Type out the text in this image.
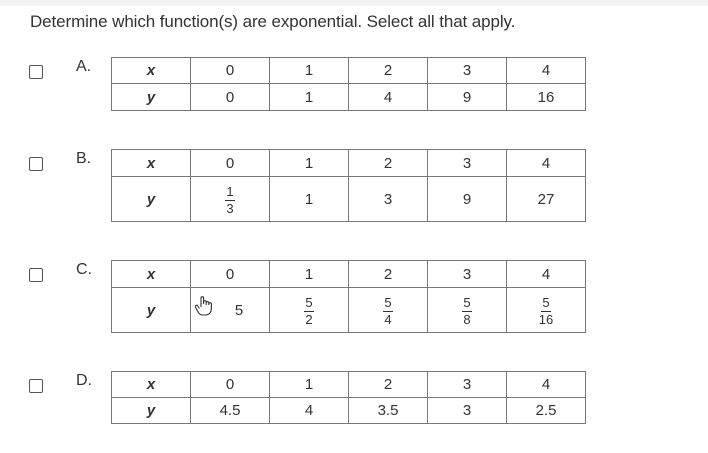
Determine which function(s) are exponential. Select all that apply.
A.	x	0	1	2	3	4
y	0	1	4	9	16
B.	x	0	1	2	3	4
y	$\frac{1}{3}$	1	3	9	27
C.	x	0	1	2	3	4
y	5	$\frac{5}{2}$	$\frac{5}{4}$	$\frac{5}{8}$	$\frac{5}{16}$
D.	x	0	1	2	3	4
y	4.5	4	3.5	3	2.5
